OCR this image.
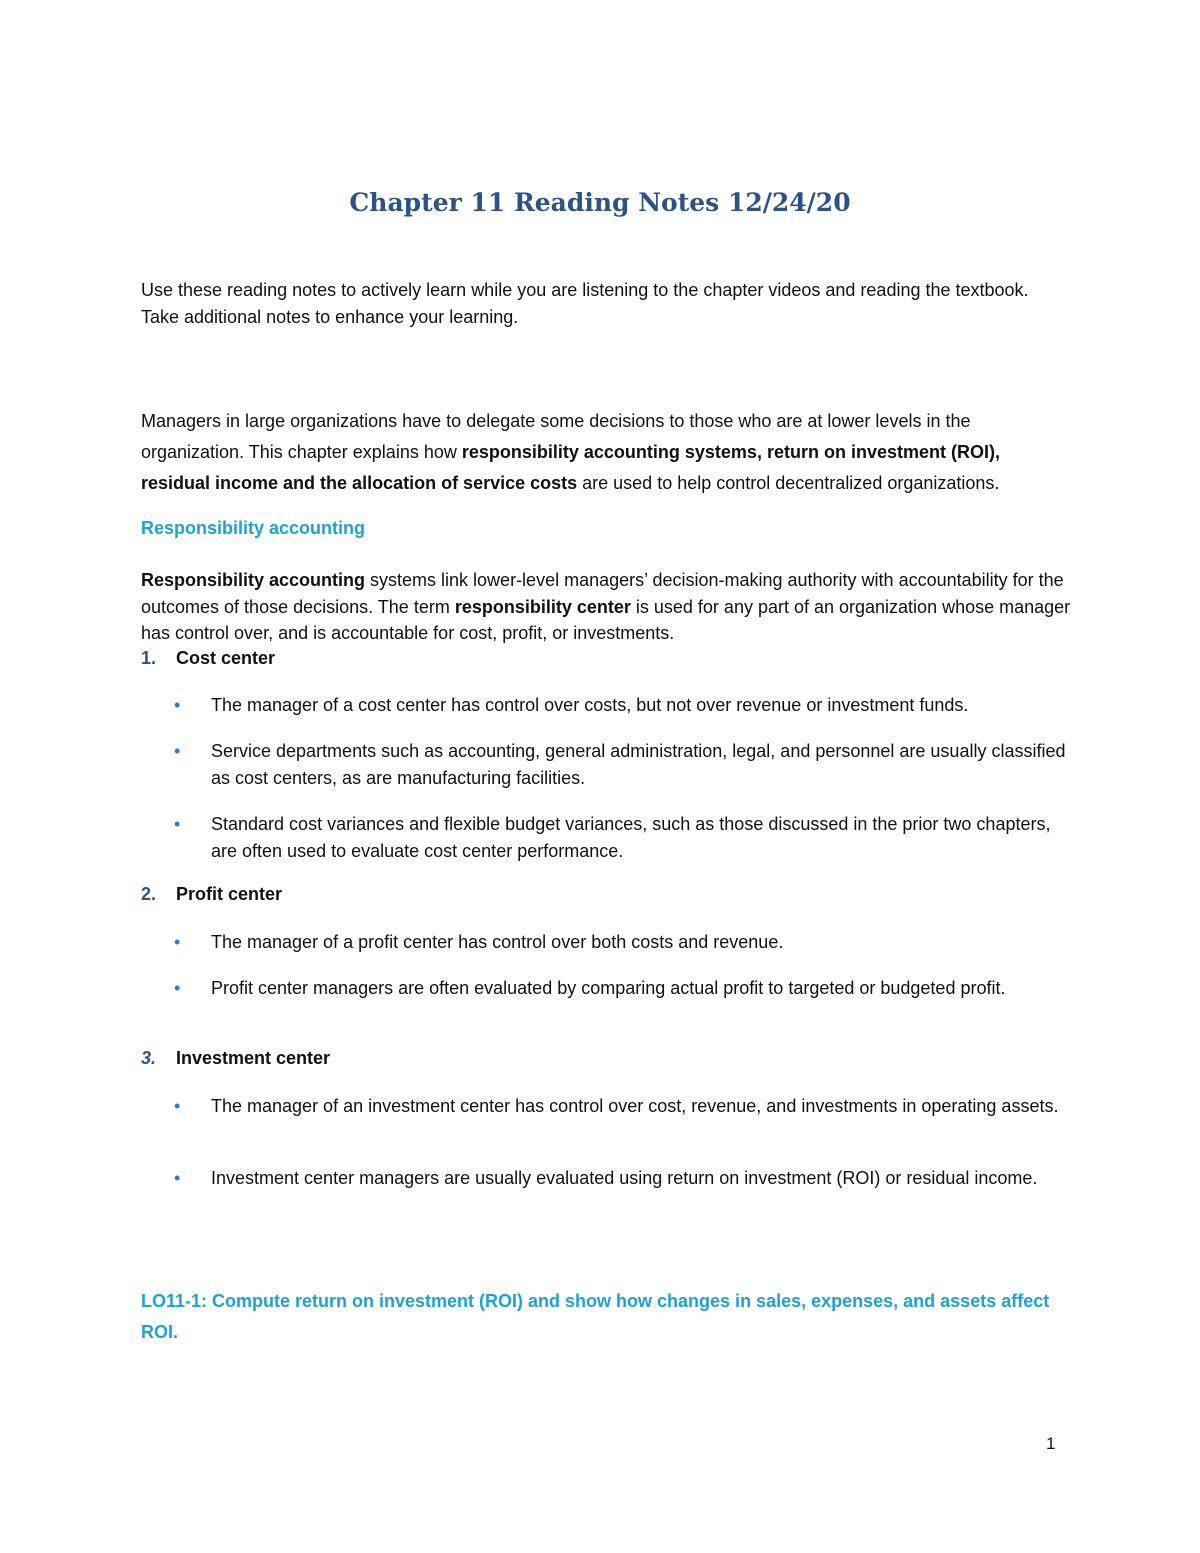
Chapter 11 Reading Notes 12/24/20
Use these reading notes to actively learn while you are listening to the chapter videos and reading the textbook. Take additional notes to enhance your learning.
Managers in large organizations have to delegate some decisions to those who are at lower levels in the organization. This chapter explains how responsibility accounting systems, return on investment (ROI), residual income and the allocation of service costs are used to help control decentralized organizations.
Responsibility accounting
Responsibility accounting systems link lower-level managers’ decision-making authority with accountability for the outcomes of those decisions. The term responsibility center is used for any part of an organization whose manager has control over, and is accountable for cost, profit, or investments.
1. Cost center
• The manager of a cost center has control over costs, but not over revenue or investment funds.
• Service departments such as accounting, general administration, legal, and personnel are usually classified as cost centers, as are manufacturing facilities.
• Standard cost variances and flexible budget variances, such as those discussed in the prior two chapters, are often used to evaluate cost center performance.
2. Profit center
• The manager of a profit center has control over both costs and revenue.
• Profit center managers are often evaluated by comparing actual profit to targeted or budgeted profit.
3. Investment center
• The manager of an investment center has control over cost, revenue, and investments in operating assets.
• Investment center managers are usually evaluated using return on investment (ROI) or residual income.
LO11-1: Compute return on investment (ROI) and show how changes in sales, expenses, and assets affect ROI.
1
